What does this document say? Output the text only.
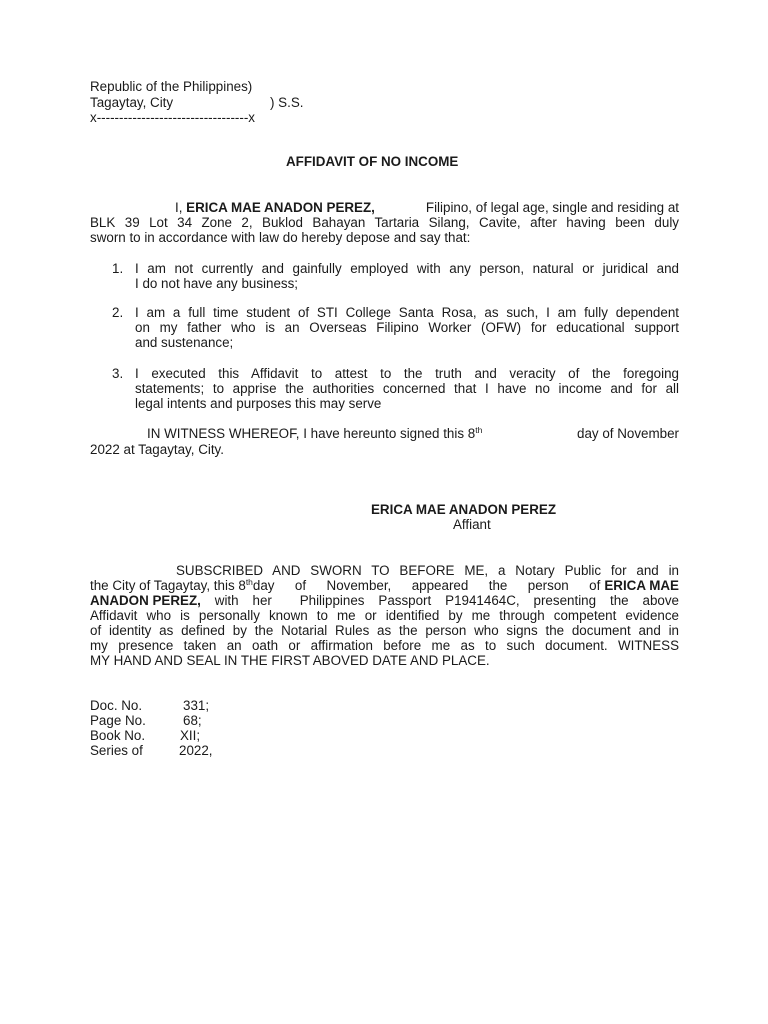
Republic of the Philippines)
Tagaytay, City	) S.S.
x----------------------------------x
AFFIDAVIT OF NO INCOME
I, ERICA MAE ANADON PEREZ,	Filipino, of legal age, single and residing at
BLK 39 Lot 34 Zone 2, Buklod Bahayan Tartaria Silang, Cavite, after having been duly
sworn to in accordance with law do hereby depose and say that:
1. I am not currently and gainfully employed with any person, natural or juridical and
I do not have any business;
2. I am a full time student of STI College Santa Rosa, as such, I am fully dependent
on my father who is an Overseas Filipino Worker (OFW) for educational support
and sustenance;
3. I executed this Affidavit to attest to the truth and veracity of the foregoing
statements; to apprise the authorities concerned that I have no income and for all
legal intents and purposes this may serve
IN WITNESS WHEREOF, I have hereunto signed this 8th	day of November
2022 at Tagaytay, City.
ERICA MAE ANADON PEREZ
Affiant
SUBSCRIBED AND SWORN TO BEFORE ME, a Notary Public for and in
the City of Tagaytay, this 8th day of November, appeared the person of ERICA MAE
ANADON PEREZ, with her  Philippines Passport P1941464C, presenting the above
Affidavit who is personally known to me or identified by me through competent evidence
of identity as defined by the Notarial Rules as the person who signs the document and in
my presence taken an oath or affirmation before me as to such document. WITNESS
MY HAND AND SEAL IN THE FIRST ABOVED DATE AND PLACE.
Doc. No.	331;
Page No.	68;
Book No.	XII;
Series of	2022,
